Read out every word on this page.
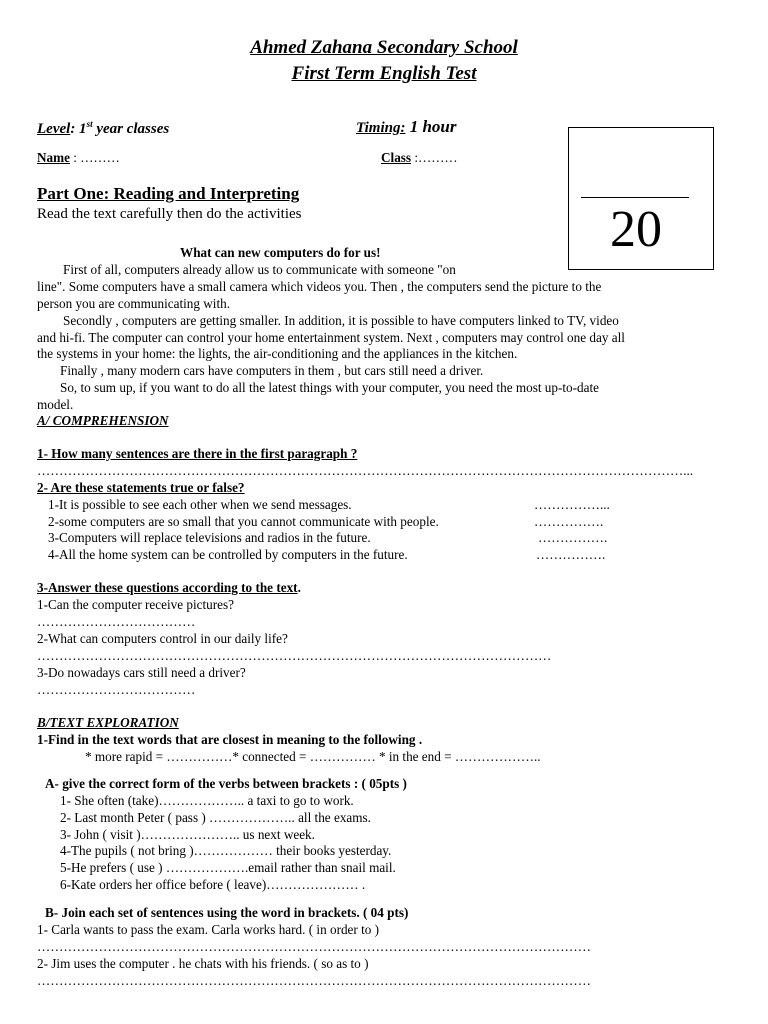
Ahmed Zahana Secondary School
First Term English Test
Level: 1st year classes	Timing: 1 hour
Name : ………	Class :………
20
Part One: Reading and Interpreting
Read the text carefully then do the activities
What can new computers do for us!
First of all, computers already allow us to communicate with someone "on
line". Some computers have a small camera which videos you. Then , the computers send the picture to the
person you are communicating with.
Secondly , computers are getting smaller. In addition, it is possible to have computers linked to TV, video
and hi-fi. The computer can control your home entertainment system. Next , computers may control one day all
the systems in your home: the lights, the air-conditioning and the appliances in the kitchen.
Finally , many modern cars have computers in them , but cars still need a driver.
So, to sum up, if you want to do all the latest things with your computer, you need the most up-to-date
model.
A/ COMPREHENSION
1- How many sentences are there in the first paragraph ?
…………………………………………………………………………………………………………………………………...
2- Are these statements true or false?
1-It is possible to see each other when we send messages.	……………...
2-some computers are so small that you cannot communicate with people.	…………….
3-Computers will replace televisions and radios in the future.	…………….
4-All the home system can be controlled by computers in the future.	…………….
3-Answer these questions according to the text.
1-Can the computer receive pictures?
………………………………
2-What can computers control in our daily life?
………………………………………………………………………………………………………
3-Do nowadays cars still need a driver?
………………………………
B/TEXT EXPLORATION
1-Find in the text words that are closest in meaning to the following .
* more rapid = ……………* connected = …………… * in the end = ………………..
A- give the correct form of the verbs between brackets : ( 05pts )
1- She often (take)……………….. a taxi to go to work.
2- Last month Peter ( pass ) ……………….. all the exams.
3- John ( visit )………………….. us next week.
4-The pupils ( not bring )……………… their books yesterday.
5-He prefers ( use ) ……………….email rather than snail mail.
6-Kate orders her office before ( leave)………………… .
B- Join each set of sentences using the word in brackets. ( 04 pts)
1- Carla wants to pass the exam. Carla works hard. ( in order to )
………………………………………………………………………………………………………………
2- Jim uses the computer . he chats with his friends. ( so as to )
………………………………………………………………………………………………………………
